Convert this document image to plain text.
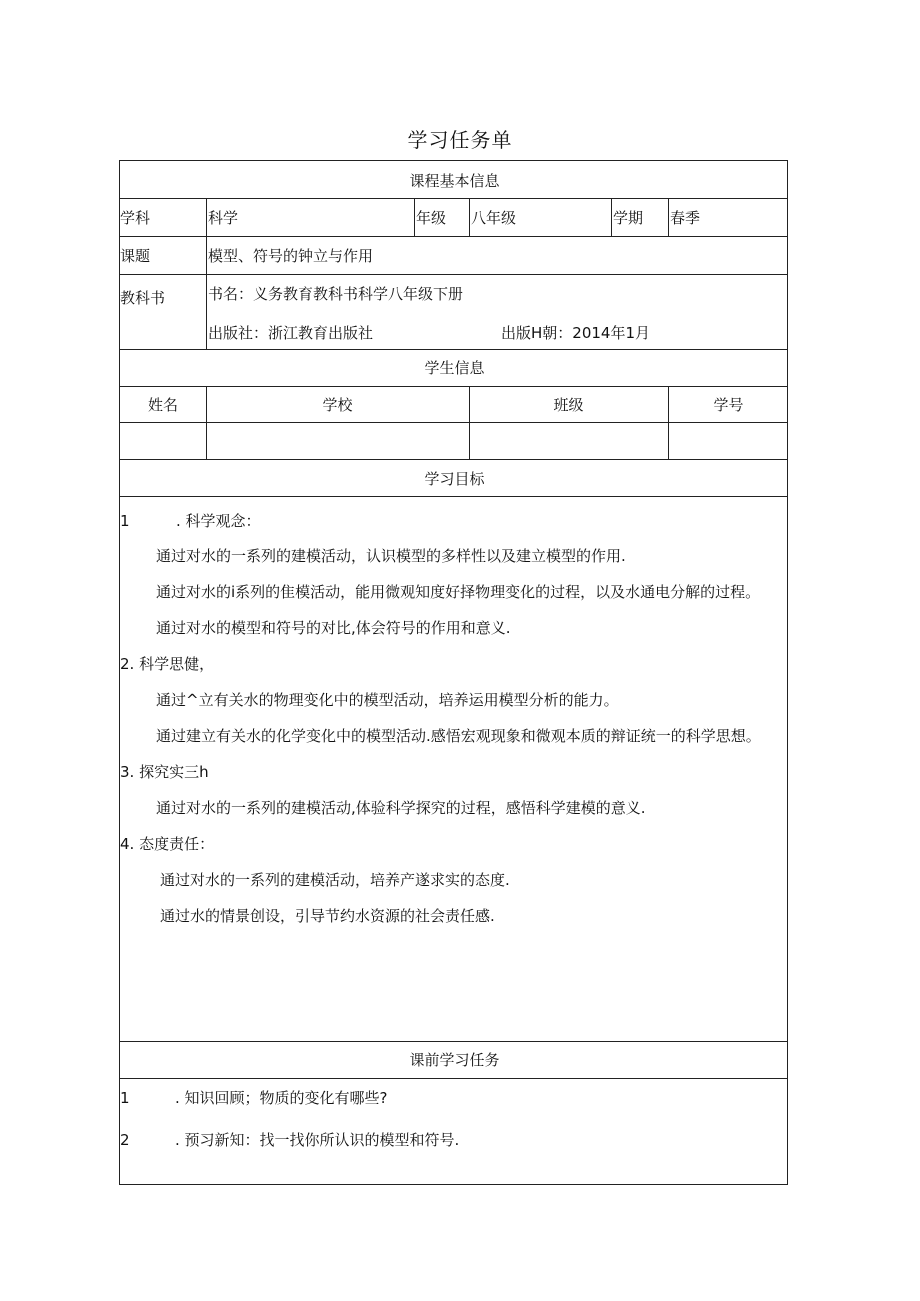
学习任务单
课程基本信息
学科	科学	年级 八年级	学期 春季
课题	模型、符号的钟立与作用
教科书	书名：义务教育教科书科学八年级下册
出版社：浙江教育出版社	出版H朝：2014年1月
学生信息
姓名	学校	班级	学号
学习目标
1	. 科学观念：
通过对水的一系列的建模活动，认识模型的多样性以及建立模型的作用.
通过对水的i系列的隹模活动，能用微观知度好择物理变化的过程，以及水通电分解的过程。
通过对水的模型和符号的对比,体会符号的作用和意义.
2. 科学思健，
通过^立有关水的物理变化中的模型活动，培养运用模型分析的能力。
通过建立有关水的化学变化中的模型活动.感悟宏观现象和微观本质的辩证统一的科学思想。
3. 探究实三h
通过对水的一系列的建模活动,体验科学探究的过程，感悟科学建模的意义.
4. 态度责任：
通过对水的一系列的建模活动，培养产遂求实的态度.
通过水的情景创设，引导节约水资源的社会责任感.
课前学习任务
1	. 知识回顾；物质的变化有哪些?
2	. 预习新知：找一找你所认识的模型和符号.
